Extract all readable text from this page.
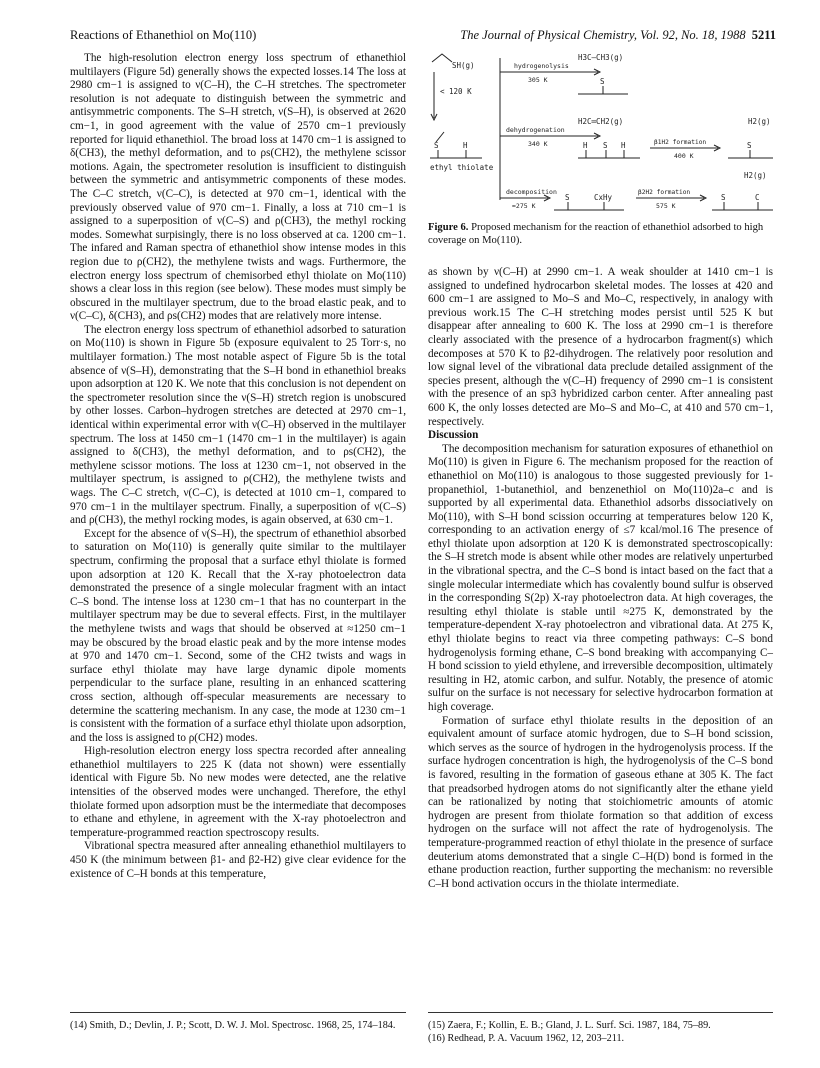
Reactions of Ethanethiol on Mo(110)	The Journal of Physical Chemistry, Vol. 92, No. 18, 1988 5211

The high-resolution electron energy loss spectrum of ethanethiol multilayers (Figure 5d) generally shows the expected losses.14 The loss at 2980 cm−1 is assigned to ν(C–H), the C–H stretches. The spectrometer resolution is not adequate to distinguish between the symmetric and antisymmetric components. The S–H stretch, ν(S–H), is observed at 2620 cm−1, in good agreement with the value of 2570 cm−1 previously reported for liquid ethanethiol. The broad loss at 1470 cm−1 is assigned to δ(CH3), the methyl deformation, and to ρs(CH2), the methylene scissor motions. Again, the spectrometer resolution is insufficient to distinguish between the symmetric and antisymmetric components of these modes. The C–C stretch, ν(C–C), is detected at 970 cm−1, identical with the previously observed value of 970 cm−1. Finally, a loss at 710 cm−1 is assigned to a superposition of ν(C–S) and ρ(CH3), the methyl rocking modes. Somewhat surpisingly, there is no loss observed at ca. 1200 cm−1. The infared and Raman spectra of ethanethiol show intense modes in this region due to ρ(CH2), the methylene twists and wags. Furthermore, the electron energy loss spectrum of chemisorbed ethyl thiolate on Mo(110) shows a clear loss in this region (see below). These modes must simply be obscured in the multilayer spectrum, due to the broad elastic peak, and to ν(C–C), δ(CH3), and ρs(CH2) modes that are relatively more intense.

The electron energy loss spectrum of ethanethiol adsorbed to saturation on Mo(110) is shown in Figure 5b (exposure equivalent to 25 Torr·s, no multilayer formation.) The most notable aspect of Figure 5b is the total absence of ν(S–H), demonstrating that the S–H bond in ethanethiol breaks upon adsorption at 120 K. We note that this conclusion is not dependent on the spectrometer resolution since the ν(S–H) stretch region is unobscured by other losses. Carbon–hydrogen stretches are detected at 2970 cm−1, identical within experimental error with ν(C–H) observed in the multilayer spectrum. The loss at 1450 cm−1 (1470 cm−1 in the multilayer) is again assigned to δ(CH3), the methyl deformation, and to ρs(CH2), the methylene scissor motions. The loss at 1230 cm−1, not observed in the multilayer spectrum, is assigned to ρ(CH2), the methylene twists and wags. The C–C stretch, ν(C–C), is detected at 1010 cm−1, compared to 970 cm−1 in the multilayer spectrum. Finally, a superposition of ν(C–S) and ρ(CH3), the methyl rocking modes, is again observed, at 630 cm−1.

Except for the absence of ν(S–H), the spectrum of ethanethiol absorbed to saturation on Mo(110) is generally quite similar to the multilayer spectrum, confirming the proposal that a surface ethyl thiolate is formed upon adsorption at 120 K. Recall that the X-ray photoelectron data demonstrated the presence of a single molecular fragment with an intact C–S bond. The intense loss at 1230 cm−1 that has no counterpart in the multilayer spectrum may be due to several effects. First, in the multilayer the methylene twists and wags that should be observed at ≈1250 cm−1 may be obscured by the broad elastic peak and by the more intense modes at 970 and 1470 cm−1. Second, some of the CH2 twists and wags in surface ethyl thiolate may have large dynamic dipole moments perpendicular to the surface plane, resulting in an enhanced scattering cross section, although off-specular measurements are necessary to determine the scattering mechanism. In any case, the mode at 1230 cm−1 is consistent with the formation of a surface ethyl thiolate upon adsorption, and the loss is assigned to ρ(CH2) modes.

High-resolution electron energy loss spectra recorded after annealing ethanethiol multilayers to 225 K (data not shown) were essentially identical with Figure 5b. No new modes were detected, ane the relative intensities of the observed modes were unchanged. Therefore, the ethyl thiolate formed upon adsorption must be the intermediate that decomposes to ethane and ethylene, in agreement with the X-ray photoelectron and temperature-programmed reaction spectroscopy results.

Vibrational spectra measured after annealing ethanethiol multilayers to 450 K (the minimum between β1- and β2-H2) give clear evidence for the existence of C–H bonds at this temperature,

SH(g)
< 120 K
S	H
ethyl thiolate
H3C—CH3(g)
hydrogenolysis
305 K	S
H2C═CH2(g)
dehydrogenation
340 K	H S H	β1H2 formation
400 K
H2(g)
S
decomposition
≈275 K
S	CxHy
β2H2 formation
575 K
H2(g)
S	C
Figure 6. Proposed mechanism for the reaction of ethanethiol adsorbed to high coverage on Mo(110).

as shown by ν(C–H) at 2990 cm−1. A weak shoulder at 1410 cm−1 is assigned to undefined hydrocarbon skeletal modes. The losses at 420 and 600 cm−1 are assigned to Mo–S and Mo–C, respectively, in analogy with previous work.15 The C–H stretching modes persist until 525 K but disappear after annealing to 600 K. The loss at 2990 cm−1 is therefore clearly associated with the presence of a hydrocarbon fragment(s) which decomposes at 570 K to β2-dihydrogen. The relatively poor resolution and low signal level of the vibrational data preclude detailed assignment of the species present, although the ν(C–H) frequency of 2990 cm−1 is consistent with the presence of an sp3 hybridized carbon center. After annealing past 600 K, the only losses detected are Mo–S and Mo–C, at 410 and 570 cm−1, respectively.

Discussion

The decomposition mechanism for saturation exposures of ethanethiol on Mo(110) is given in Figure 6. The mechanism proposed for the reaction of ethanethiol on Mo(110) is analogous to those suggested previously for 1-propanethiol, 1-butanethiol, and benzenethiol on Mo(110)2a–c and is supported by all experimental data. Ethanethiol adsorbs dissociatively on Mo(110), with S–H bond scission occurring at temperatures below 120 K, corresponding to an activation energy of ≤7 kcal/mol.16 The presence of ethyl thiolate upon adsorption at 120 K is demonstrated spectroscopically: the S–H stretch mode is absent while other modes are relatively unperturbed in the vibrational spectra, and the C–S bond is intact based on the fact that a single molecular intermediate which has covalently bound sulfur is observed in the corresponding S(2p) X-ray photoelectron data. At high coverages, the resulting ethyl thiolate is stable until ≈275 K, demonstrated by the temperature-dependent X-ray photoelectron and vibrational data. At 275 K, ethyl thiolate begins to react via three competing pathways: C–S bond hydrogenolysis forming ethane, C–S bond breaking with accompanying C–H bond scission to yield ethylene, and irreversible decomposition, ultimately resulting in H2, atomic carbon, and sulfur. Notably, the presence of atomic sulfur on the surface is not necessary for selective hydrocarbon formation at high coverage.

Formation of surface ethyl thiolate results in the deposition of an equivalent amount of surface atomic hydrogen, due to S–H bond scission, which serves as the source of hydrogen in the hydrogenolysis process. If the surface hydrogen concentration is high, the hydrogenolysis of the C–S bond is favored, resulting in the formation of gaseous ethane at 305 K. The fact that preadsorbed hydrogen atoms do not significantly alter the ethane yield can be rationalized by noting that stoichiometric amounts of atomic hydrogen are present from thiolate formation so that addition of excess hydrogen on the surface will not affect the rate of hydrogenolysis. The temperature-programmed reaction of ethyl thiolate in the presence of surface deuterium atoms demonstrated that a single C–H(D) bond is formed in the ethane production reaction, further supporting the mechanism: no reversible C–H bond activation occurs in the thiolate intermediate.

(14) Smith, D.; Devlin, J. P.; Scott, D. W. J. Mol. Spectrosc. 1968, 25, 174–184.	(15) Zaera, F.; Kollin, E. B.; Gland, J. L. Surf. Sci. 1987, 184, 75–89.
(16) Redhead, P. A. Vacuum 1962, 12, 203–211.
